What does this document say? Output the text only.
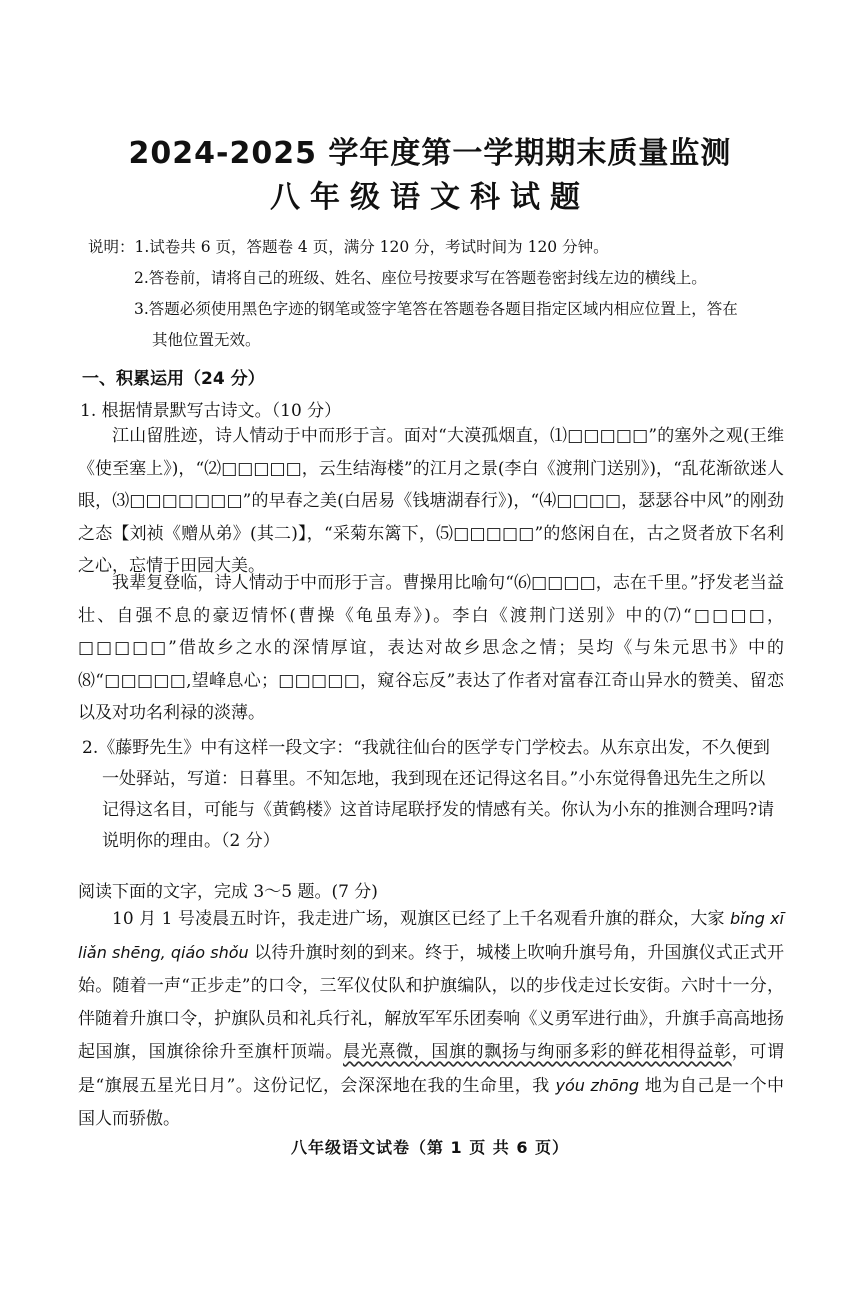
2024-2025 学年度第一学期期末质量监测
八年级语文科试题
说明：1.试卷共 6 页，答题卷 4 页，满分 120 分，考试时间为 120 分钟。
2.答卷前，请将自己的班级、姓名、座位号按要求写在答题卷密封线左边的横线上。
3.答题必须使用黑色字迹的钢笔或签字笔答在答题卷各题目指定区域内相应位置上，答在
其他位置无效。
一、积累运用（24 分）
1. 根据情景默写古诗文。（10 分）
江山留胜迹，诗人情动于中而形于言。面对“大漠孤烟直，⑴□□□□□”的塞外之观(王维《使至塞上》)，“⑵□□□□□，云生结海楼”的江月之景(李白《渡荆门送别》)，“乱花渐欲迷人眼，⑶□□□□□□□”的早春之美(白居易《钱塘湖春行》)，“⑷□□□□，瑟瑟谷中风”的刚劲之态【刘祯《赠从弟》(其二)】，“采菊东篱下，⑸□□□□□”的悠闲自在，古之贤者放下名利之心，忘情于田园大美。
我辈复登临，诗人情动于中而形于言。曹操用比喻句“⑹□□□□，志在千里。”抒发老当益壮、自强不息的豪迈情怀(曹操《龟虽寿》)。李白《渡荆门送别》中的⑺“□□□□，□□□□□”借故乡之水的深情厚谊，表达对故乡思念之情；吴均《与朱元思书》中的⑻“□□□□□,望峰息心；□□□□□，窥谷忘反”表达了作者对富春江奇山异水的赞美、留恋以及对功名利禄的淡薄。
2.《藤野先生》中有这样一段文字：“我就往仙台的医学专门学校去。从东京出发，不久便到一处驿站，写道：日暮里。不知怎地，我到现在还记得这名目。”小东觉得鲁迅先生之所以记得这名目，可能与《黄鹤楼》这首诗尾联抒发的情感有关。你认为小东的推测合理吗?请说明你的理由。（2 分）
阅读下面的文字，完成 3～5 题。(7 分)
10 月 1 号凌晨五时许，我走进广场，观旗区已经了上千名观看升旗的群众，大家 bǐng xī liǎn shēng, qiáo shǒu 以待升旗时刻的到来。终于，城楼上吹响升旗号角，升国旗仪式正式开始。随着一声“正步走”的口令，三军仪仗队和护旗编队，以的步伐走过长安街。六时十一分，伴随着升旗口令，护旗队员和礼兵行礼，解放军军乐团奏响《义勇军进行曲》，升旗手高高地扬起国旗，国旗徐徐升至旗杆顶端。晨光熹微，国旗的飘扬与绚丽多彩的鲜花相得益彰，可谓是“旗展五星光日月”。这份记忆，会深深地在我的生命里，我 yóu zhōng 地为自己是一个中国人而骄傲。
八年级语文试卷（第 1 页 共 6 页）
